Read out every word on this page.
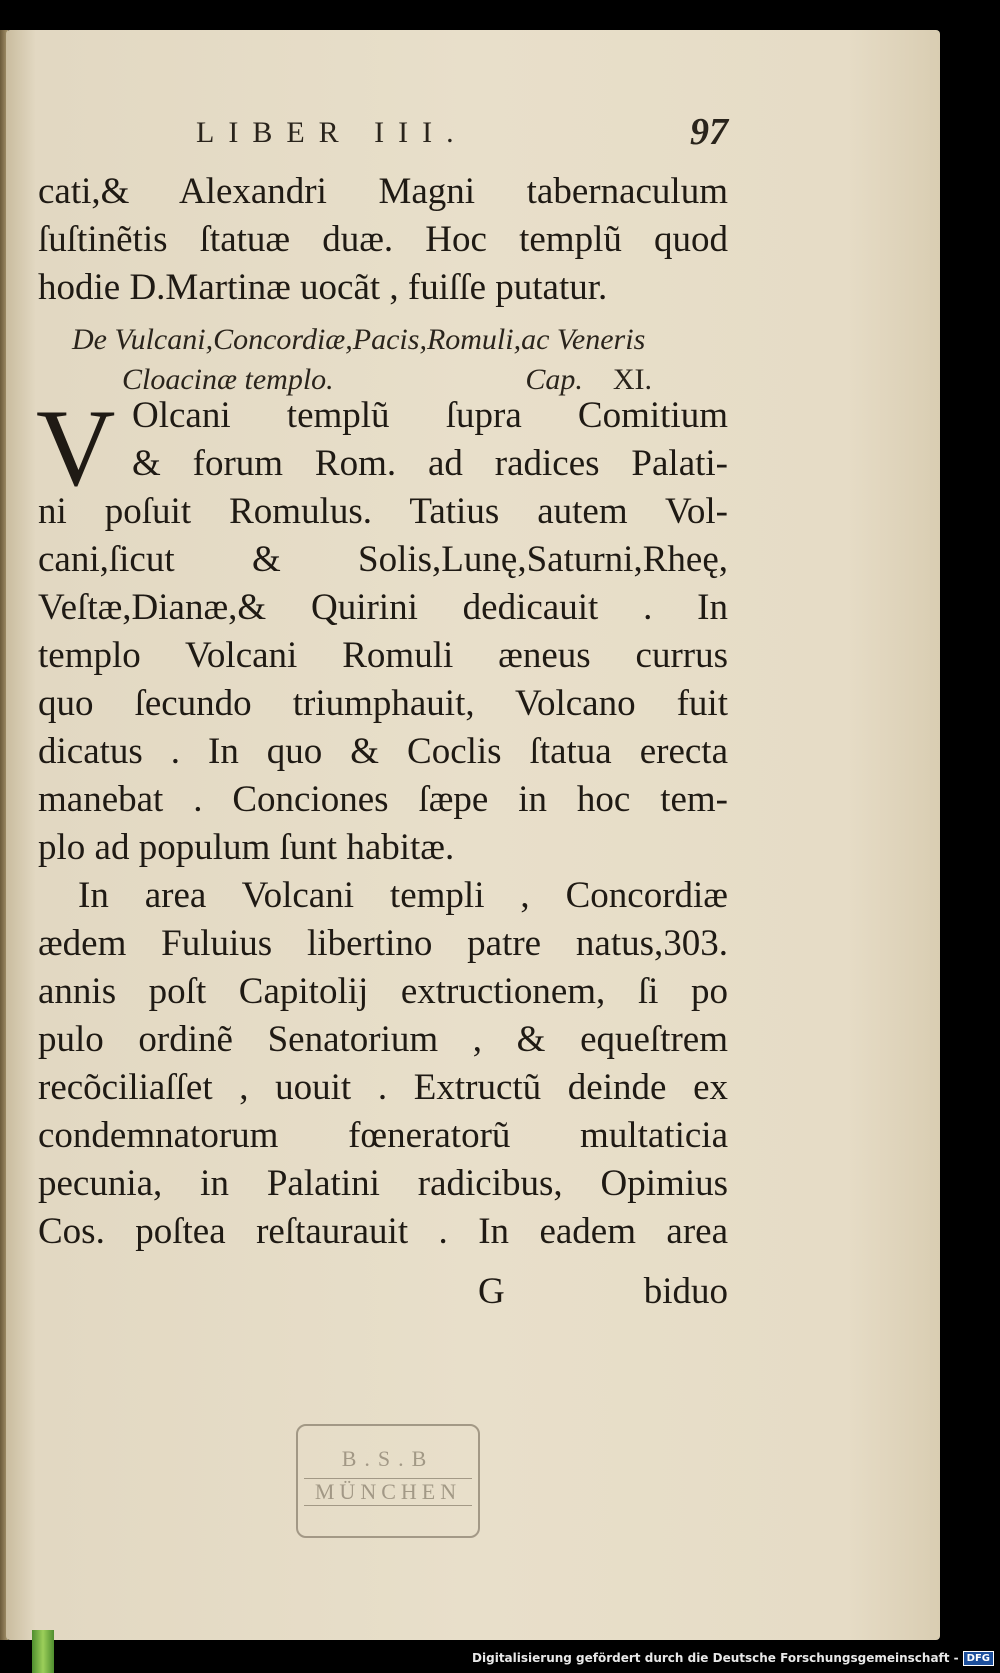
LIBER III.	97
cati,& Alexandri Magni tabernaculum
ſuſtinẽtis ſtatuæ duæ. Hoc templũ quod
hodie D.Martinæ uocãt , fuiſſe putatur.
De Vulcani,Concordiæ,Pacis,Romuli,ac Veneris
Cloacinæ templo.	Cap. XI.
V Olcani templũ ſupra Comitium
& forum Rom. ad radices Palati-
ni poſuit Romulus. Tatius autem Vol-
cani,ſicut & Solis,Lunę,Saturni,Rheę,
Veſtæ,Dianæ,& Quirini dedicauit . In
templo Volcani Romuli æneus currus
quo ſecundo triumphauit, Volcano fuit
dicatus . In quo & Coclis ſtatua erecta
manebat . Conciones ſæpe in hoc tem-
plo ad populum ſunt habitæ.
In area Volcani templi , Concordiæ
ædem Fuluius libertino patre natus,303.
annis poſt Capitolij extructionem, ſi po
pulo ordinẽ Senatorium , & equeſtrem
recõciliaſſet , uouit . Extructũ deinde ex
condemnatorum fœneratorũ multaticia
pecunia, in Palatini radicibus, Opimius
Cos. poſtea reſtaurauit . In eadem area
G	biduo
B.S.B
MÜNCHEN
Digitalisierung gefördert durch die Deutsche Forschungsgemeinschaft - DFG
